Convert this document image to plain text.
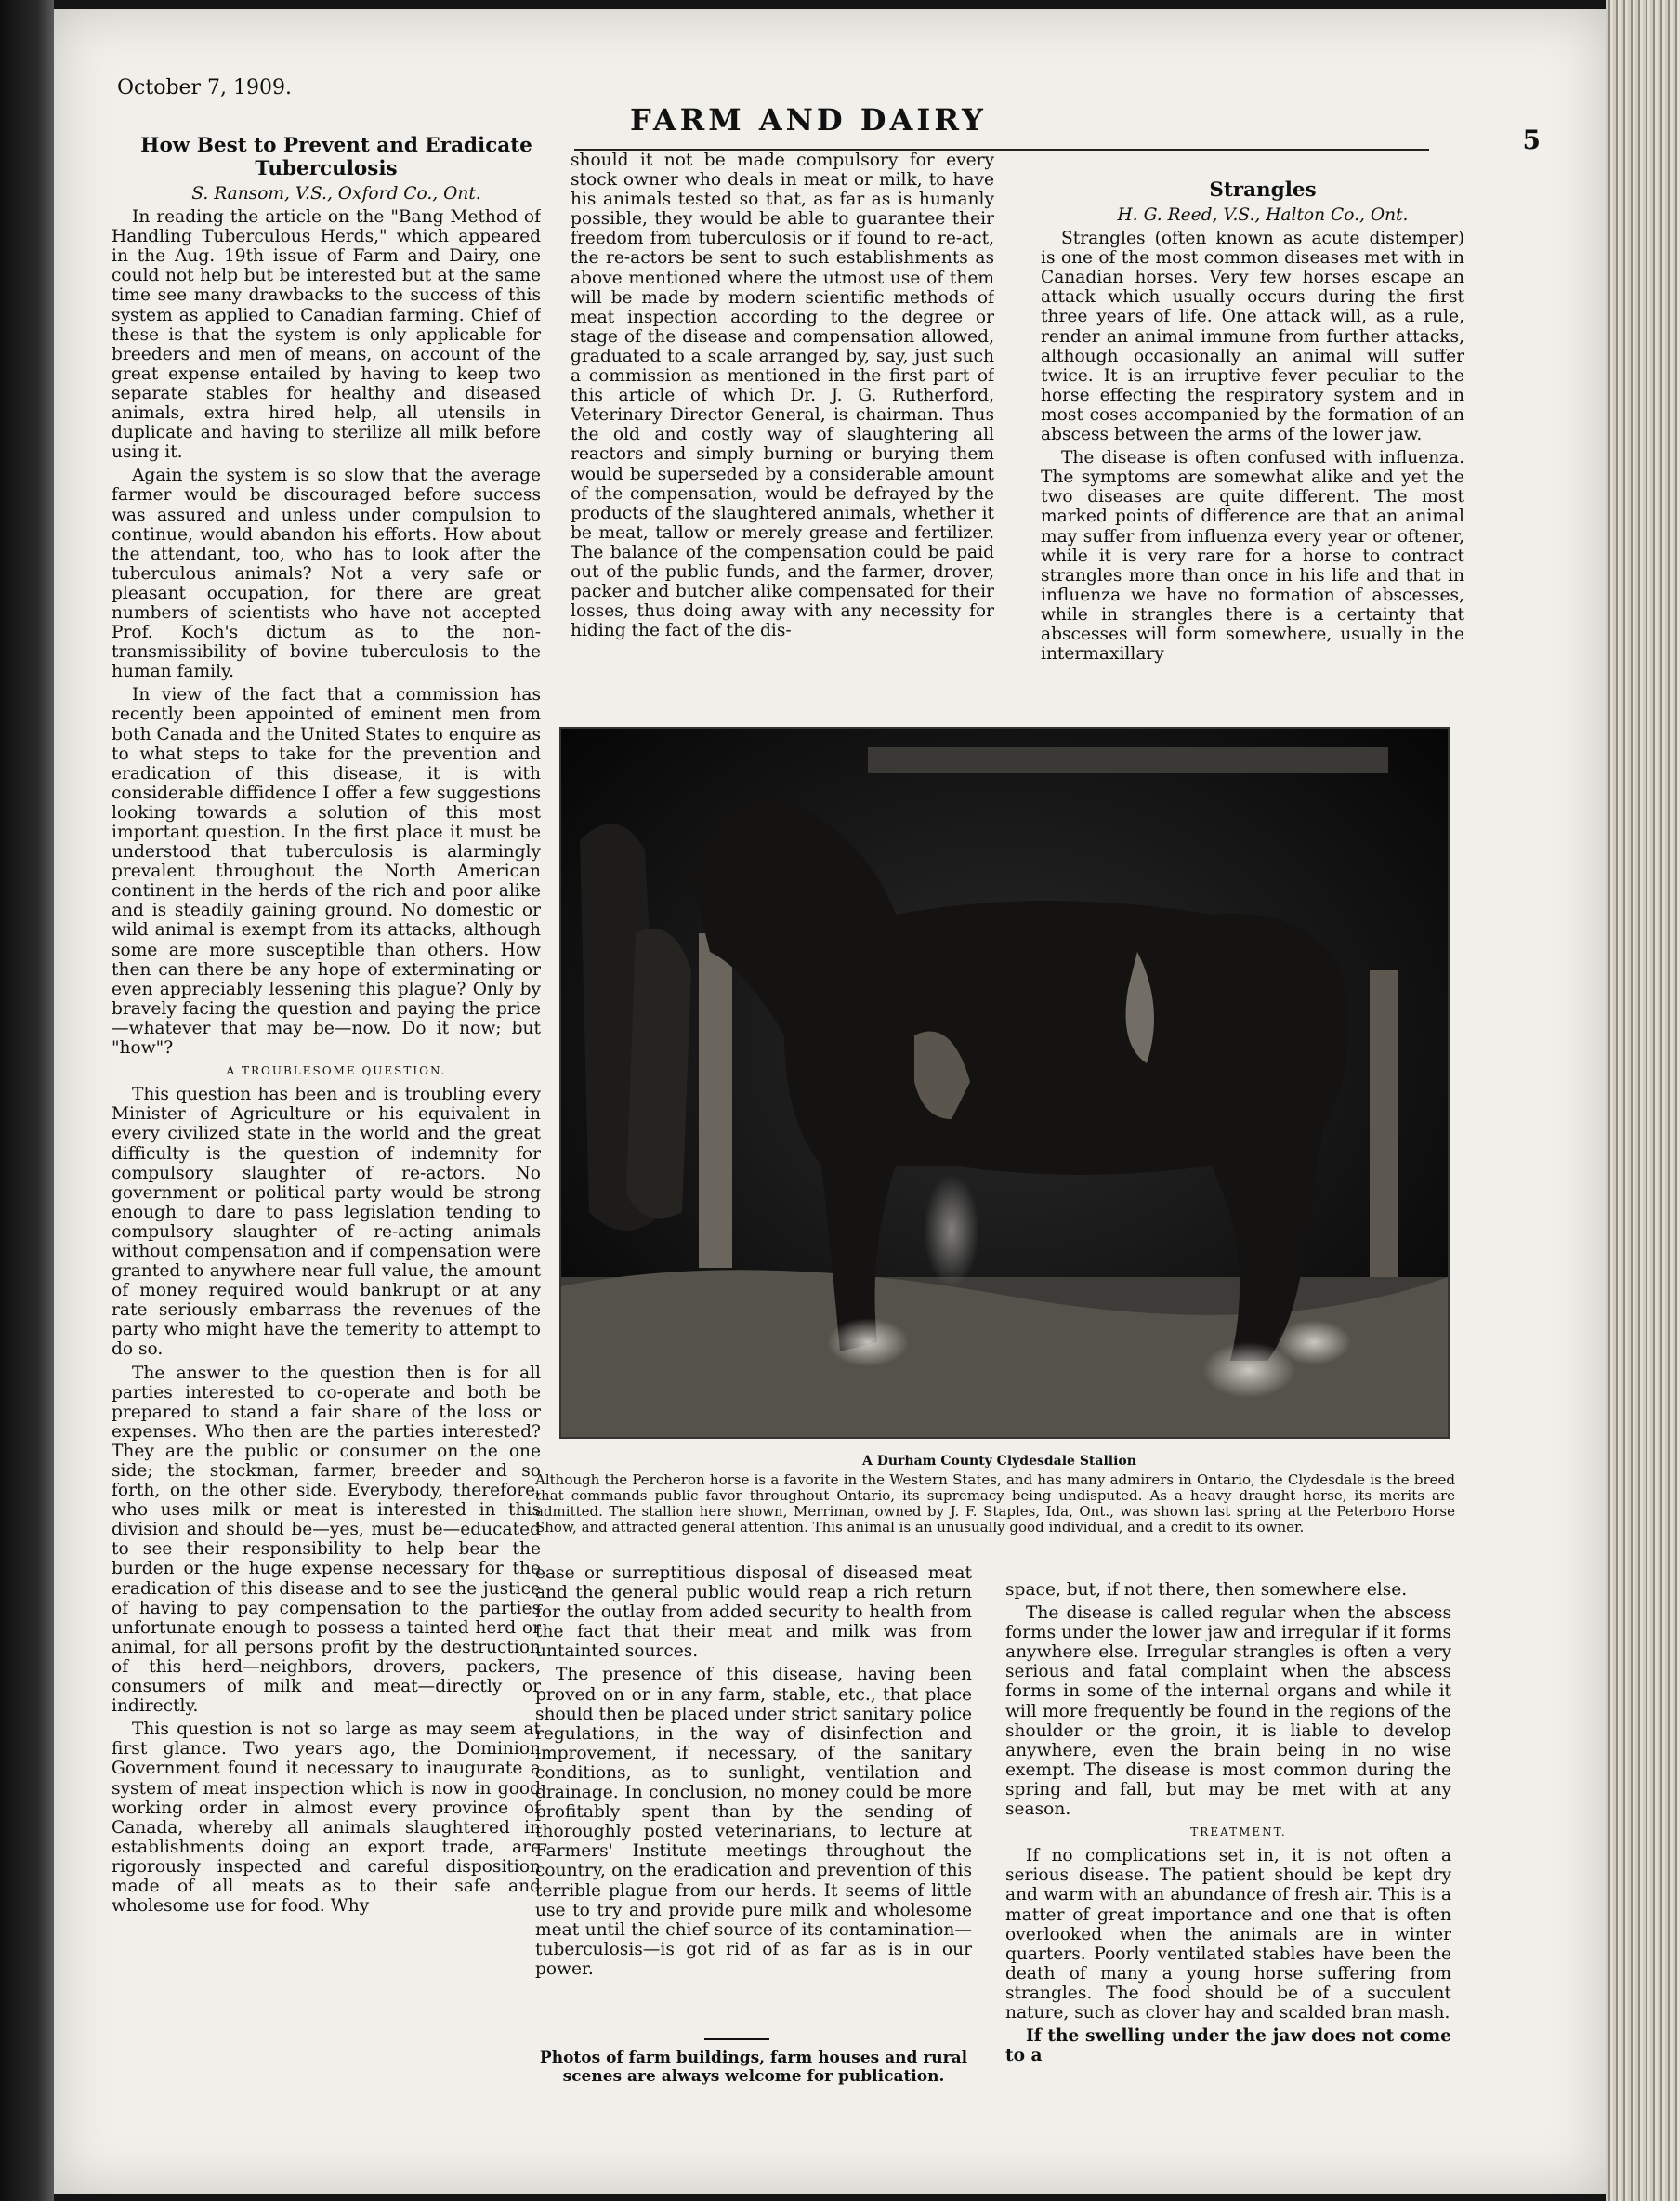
October 7, 1909.
FARM AND DAIRY
5

How Best to Prevent and Eradicate Tuberculosis

S. Ransom, V.S., Oxford Co., Ont.

In reading the article on the "Bang Method of Handling Tuberculous Herds," which appeared in the Aug. 19th issue of Farm and Dairy, one could not help but be interested but at the same time see many drawbacks to the success of this system as applied to Canadian farming. Chief of these is that the system is only applicable for breeders and men of means, on account of the great expense entailed by having to keep two separate stables for healthy and diseased animals, extra hired help, all utensils in duplicate and having to sterilize all milk before using it.

Again the system is so slow that the average farmer would be discouraged before success was assured and unless under compulsion to continue, would abandon his efforts. How about the attendant, too, who has to look after the tuberculous animals? Not a very safe or pleasant occupation, for there are great numbers of scientists who have not accepted Prof. Koch's dictum as to the non-transmissibility of bovine tuberculosis to the human family.

In view of the fact that a commission has recently been appointed of eminent men from both Canada and the United States to enquire as to what steps to take for the prevention and eradication of this disease, it is with considerable diffidence I offer a few suggestions looking towards a solution of this most important question. In the first place it must be understood that tuberculosis is alarmingly prevalent throughout the North American continent in the herds of the rich and poor alike and is steadily gaining ground. No domestic or wild animal is exempt from its attacks, although some are more susceptible than others. How then can there be any hope of exterminating or even appreciably lessening this plague? Only by bravely facing the question and paying the price—whatever that may be—now. Do it now; but "how"?

A TROUBLESOME QUESTION.

This question has been and is troubling every Minister of Agriculture or his equivalent in every civilized state in the world and the great difficulty is the question of indemnity for compulsory slaughter of re-actors. No government or political party would be strong enough to dare to pass legislation tending to compulsory slaughter of re-acting animals without compensation and if compensation were granted to anywhere near full value, the amount of money required would bankrupt or at any rate seriously embarrass the revenues of the party who might have the temerity to attempt to do so.

The answer to the question then is for all parties interested to co-operate and both be prepared to stand a fair share of the loss or expenses. Who then are the parties interested? They are the public or consumer on the one side; the stockman, farmer, breeder and so forth, on the other side. Everybody, therefore, who uses milk or meat is interested in this division and should be—yes, must be—educated to see their responsibility to help bear the burden or the huge expense necessary for the eradication of this disease and to see the justice of having to pay compensation to the parties unfortunate enough to possess a tainted herd or animal, for all persons profit by the destruction of this herd—neighbors, drovers, packers, consumers of milk and meat—directly or indirectly.

This question is not so large as may seem at first glance. Two years ago, the Dominion Government found it necessary to inaugurate a system of meat inspection which is now in good working order in almost every province of Canada, whereby all animals slaughtered in establishments doing an export trade, are rigorously inspected and careful disposition made of all meats as to their safe and wholesome use for food. Why

should it not be made compulsory for every stock owner who deals in meat or milk, to have his animals tested so that, as far as is humanly possible, they would be able to guarantee their freedom from tuberculosis or if found to re-act, the re-actors be sent to such establishments as above mentioned where the utmost use of them will be made by modern scientific methods of meat inspection according to the degree or stage of the disease and compensation allowed, graduated to a scale arranged by, say, just such a commission as mentioned in the first part of this article of which Dr. J. G. Rutherford, Veterinary Director General, is chairman. Thus the old and costly way of slaughtering all reactors and simply burning or burying them would be superseded by a considerable amount of the compensation, would be defrayed by the products of the slaughtered animals, whether it be meat, tallow or merely grease and fertilizer. The balance of the compensation could be paid out of the public funds, and the farmer, drover, packer and butcher alike compensated for their losses, thus doing away with any necessity for hiding the fact of the dis-

Strangles

H. G. Reed, V.S., Halton Co., Ont.

Strangles (often known as acute distemper) is one of the most common diseases met with in Canadian horses. Very few horses escape an attack which usually occurs during the first three years of life. One attack will, as a rule, render an animal immune from further attacks, although occasionally an animal will suffer twice. It is an irruptive fever peculiar to the horse effecting the respiratory system and in most coses accompanied by the formation of an abscess between the arms of the lower jaw.

The disease is often confused with influenza. The symptoms are somewhat alike and yet the two diseases are quite different. The most marked points of difference are that an animal may suffer from influenza every year or oftener, while it is very rare for a horse to contract strangles more than once in his life and that in influenza we have no formation of abscesses, while in strangles there is a certainty that abscesses will form somewhere, usually in the intermaxillary

A Durham County Clydesdale Stallion
Although the Percheron horse is a favorite in the Western States, and has many admirers in Ontario, the Clydesdale is the breed that commands public favor throughout Ontario, its supremacy being undisputed. As a heavy draught horse, its merits are admitted. The stallion here shown, Merriman, owned by J. F. Staples, Ida, Ont., was shown last spring at the Peterboro Horse Show, and attracted general attention. This animal is an unusually good individual, and a credit to its owner.

ease or surreptitious disposal of diseased meat and the general public would reap a rich return for the outlay from added security to health from the fact that their meat and milk was from untainted sources.

The presence of this disease, having been proved on or in any farm, stable, etc., that place should then be placed under strict sanitary police regulations, in the way of disinfection and improvement, if necessary, of the sanitary conditions, as to sunlight, ventilation and drainage. In conclusion, no money could be more profitably spent than by the sending of thoroughly posted veterinarians, to lecture at Farmers' Institute meetings throughout the country, on the eradication and prevention of this terrible plague from our herds. It seems of little use to try and provide pure milk and wholesome meat until the chief source of its contamination—tuberculosis—is got rid of as far as is in our power.

Photos of farm buildings, farm houses and rural scenes are always welcome for publication.

space, but, if not there, then somewhere else.

The disease is called regular when the abscess forms under the lower jaw and irregular if it forms anywhere else. Irregular strangles is often a very serious and fatal complaint when the abscess forms in some of the internal organs and while it will more frequently be found in the regions of the shoulder or the groin, it is liable to develop anywhere, even the brain being in no wise exempt. The disease is most common during the spring and fall, but may be met with at any season.

TREATMENT.

If no complications set in, it is not often a serious disease. The patient should be kept dry and warm with an abundance of fresh air. This is a matter of great importance and one that is often overlooked when the animals are in winter quarters. Poorly ventilated stables have been the death of many a young horse suffering from strangles. The food should be of a succulent nature, such as clover hay and scalded bran mash.

If the swelling under the jaw does not come to a
